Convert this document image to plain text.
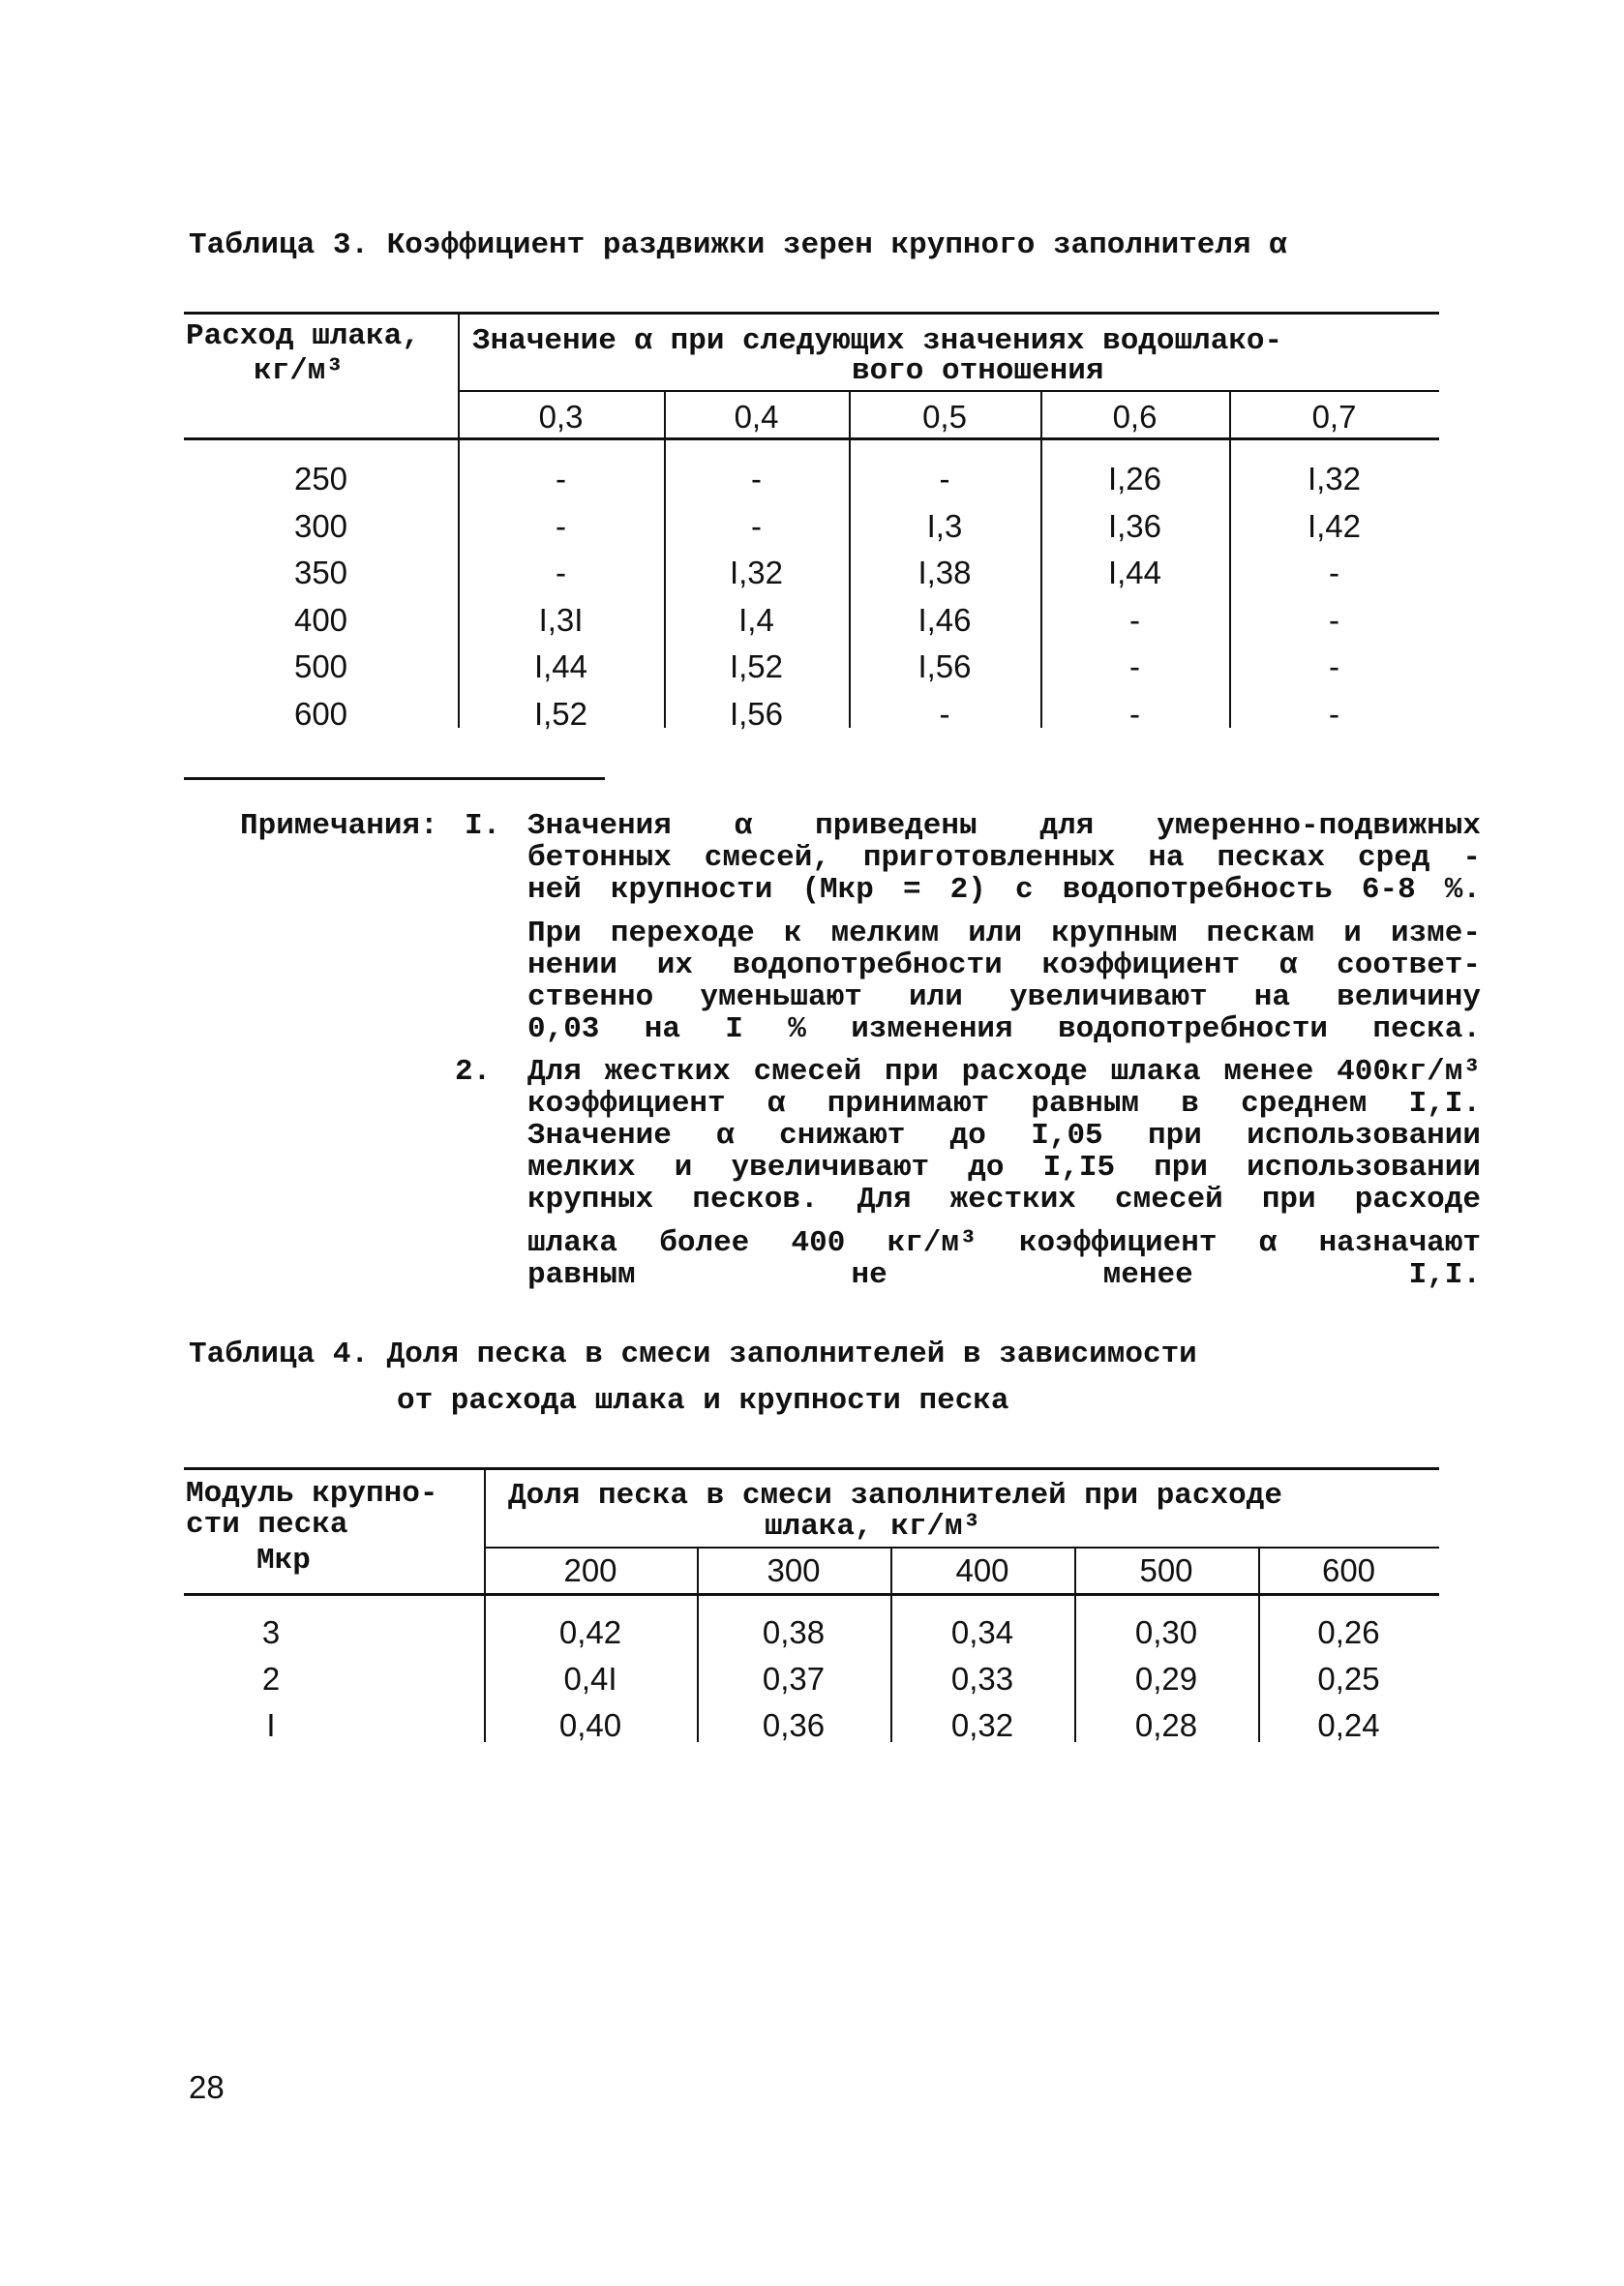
Таблица 3. Коэффициент раздвижки зерен крупного заполнителя α
Расход шлака,
кг/м³
Значение α при следующих значениях водошлако-
вого отношения
0,3	0,4	0,5	0,6	0,7
250	-	-	-	I,26	I,32
300	-	-	I,3	I,36	I,42
350	-	I,32	I,38	I,44	-
400	I,3I	I,4	I,46	-	-
500	I,44	I,52	I,56	-	-
600	I,52	I,56	-	-	-
Примечания: I. Значения α приведены для умеренно-подвижных
бетонных смесей, приготовленных на песках сред -
ней крупности (Мкр = 2) с водопотребность 6-8 %.
При переходе к мелким или крупным пескам и изме-
нении их водопотребности коэффициент α соответ-
ственно уменьшают или увеличивают на величину
0,03 на I % изменения водопотребности песка.
2. Для жестких смесей при расходе шлака менее 400кг/м³
коэффициент α принимают равным в среднем I,I.
Значение α снижают до I,05 при использовании
мелких и увеличивают до I,I5 при использовании
крупных песков. Для жестких смесей при расходе
шлака более 400 кг/м³ коэффициент α назначают
равным не менее I,I.
Таблица 4. Доля песка в смеси заполнителей в зависимости
от расхода шлака и крупности песка
Модуль крупно-
сти песка
Мкр
Доля песка в смеси заполнителей при расходе
шлака, кг/м³
200	300	400	500	600
3	0,42	0,38	0,34	0,30	0,26
2	0,4I	0,37	0,33	0,29	0,25
I	0,40	0,36	0,32	0,28	0,24
28
